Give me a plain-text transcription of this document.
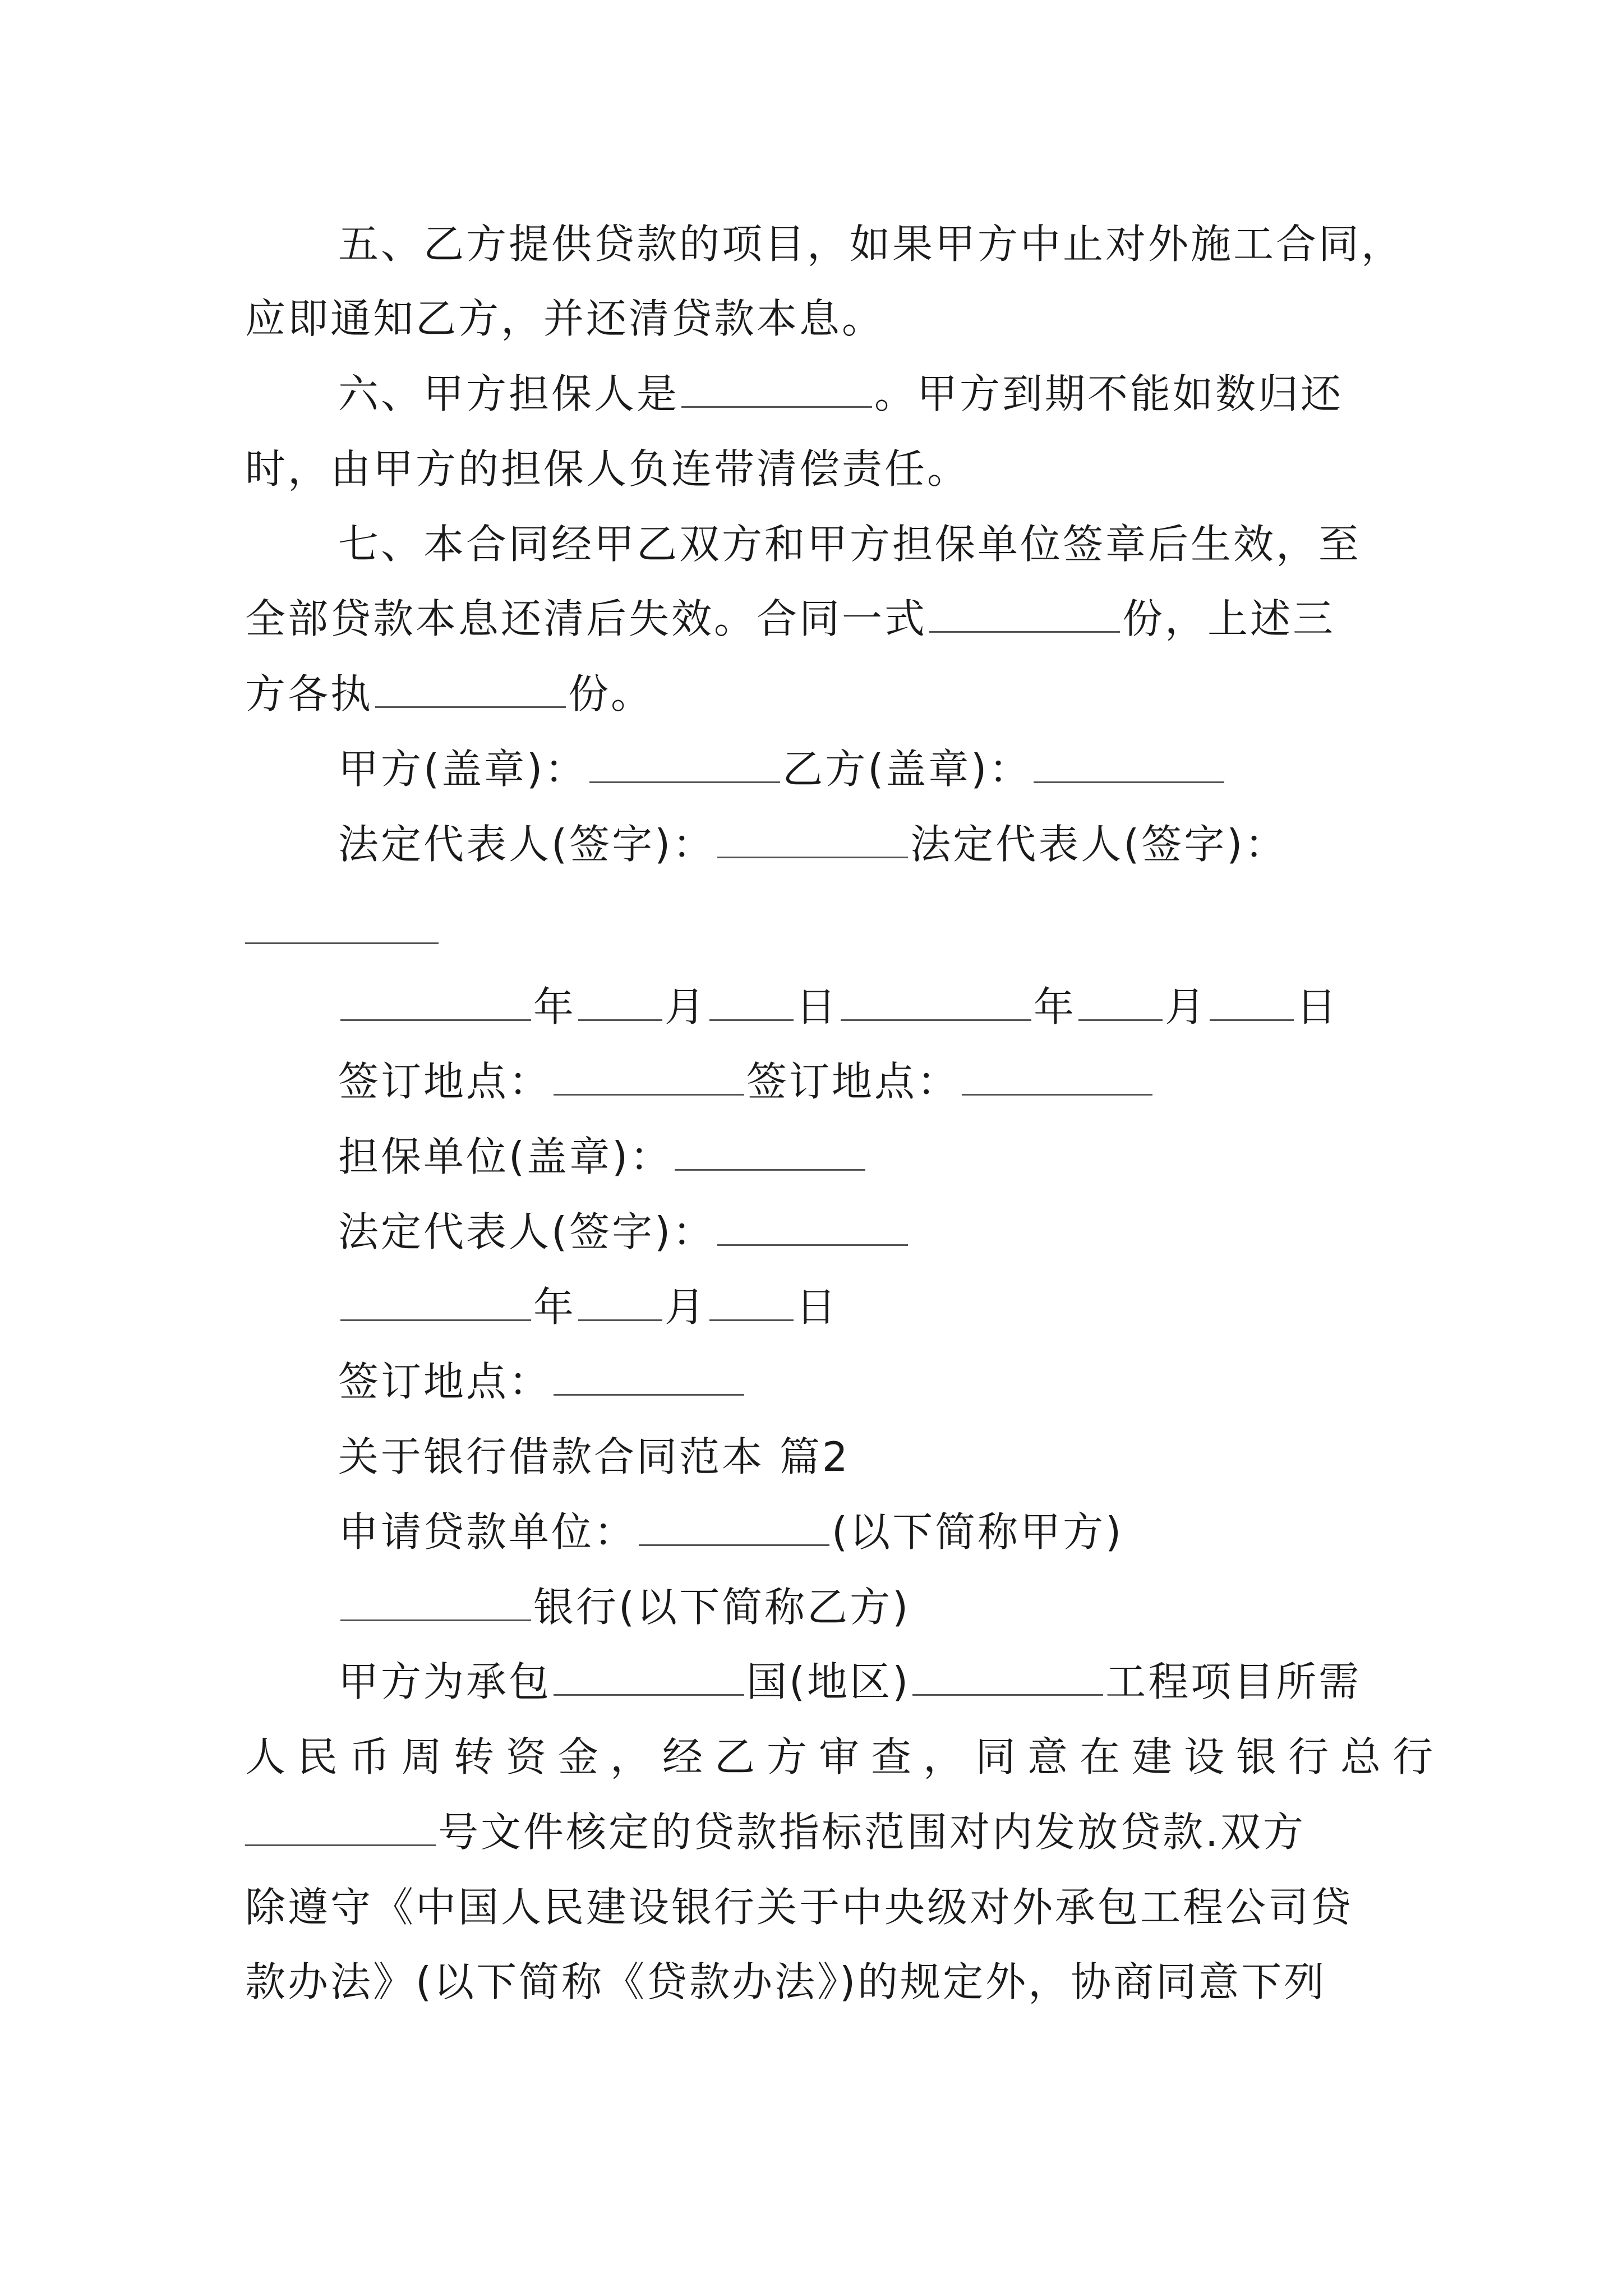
五、乙方提供贷款的项目，如果甲方中止对外施工合同，
应即通知乙方，并还清贷款本息。
六、甲方担保人是	。甲方到期不能如数归还
时，由甲方的担保人负连带清偿责任。
七、本合同经甲乙双方和甲方担保单位签章后生效，至
全部贷款本息还清后失效。合同一式	份，上述三
方各执	份。
甲方(盖章)：	乙方(盖章)：
法定代表人(签字)：	法定代表人(签字)：
年 月 日	年 月 日
签订地点：	签订地点：
担保单位(盖章)：
法定代表人(签字)：
年 月 日
签订地点：
关于银行借款合同范本 篇2
申请贷款单位：	(以下简称甲方)
银行(以下简称乙方)
甲方为承包	国(地区)	工程项目所需
人民币周转资金，经乙方审查，同意在建设银行总行
号文件核定的贷款指标范围对内发放贷款.双方
除遵守《中国人民建设银行关于中央级对外承包工程公司贷
款办法》(以下简称《贷款办法》)的规定外，协商同意下列
